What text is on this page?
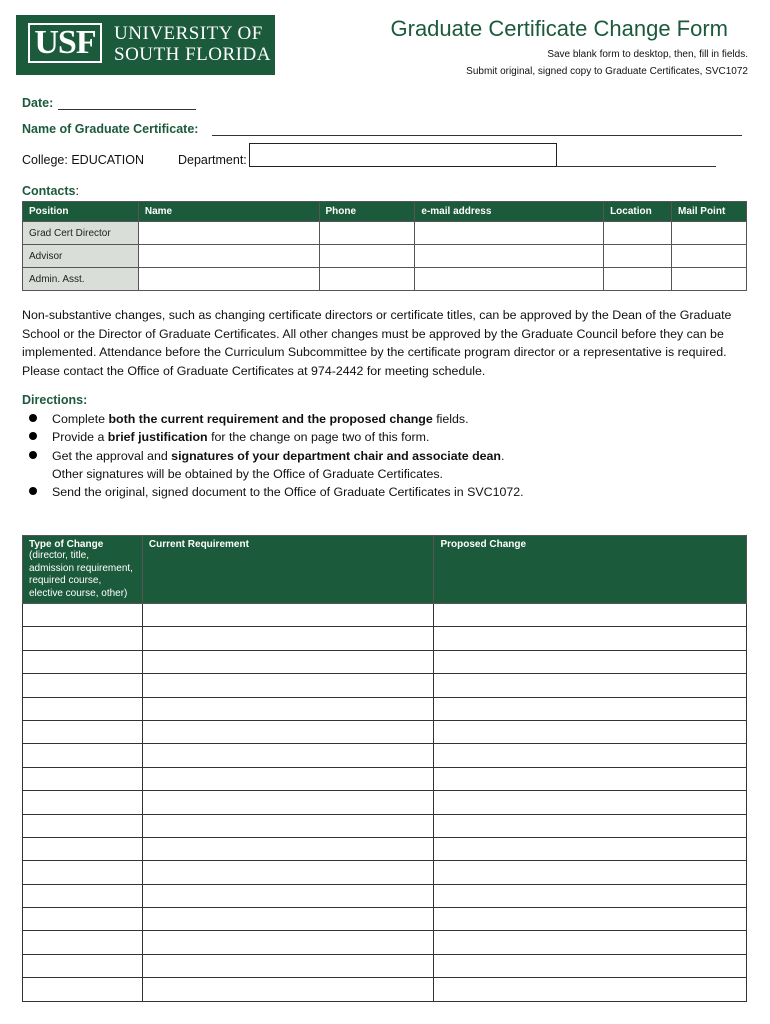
USF UNIVERSITY OF
SOUTH FLORIDA
Graduate Certificate Change Form
Save blank form to desktop, then, fill in fields.
Submit original, signed copy to Graduate Certificates, SVC1072
Date:
Name of Graduate Certificate:
College: EDUCATION	Department:
Contacts:
Position	Name	Phone	e-mail address	Location	Mail Point
Grad Cert Director					
Advisor					
Admin. Asst.					
Non-substantive changes, such as changing certificate directors or certificate titles, can be approved by the Dean of the Graduate School or the Director of Graduate Certificates. All other changes must be approved by the Graduate Council before they can be implemented. Attendance before the Curriculum Subcommittee by the certificate program director or a representative is required. Please contact the Office of Graduate Certificates at 974-2442 for meeting schedule.
Directions:
Complete both the current requirement and the proposed change fields.
Provide a brief justification for the change on page two of this form.
Get the approval and signatures of your department chair and associate dean.
Other signatures will be obtained by the Office of Graduate Certificates.
Send the original, signed document to the Office of Graduate Certificates in SVC1072.
Type of Change
(director, title,
admission requirement,
required course,
elective course, other)	Current Requirement	Proposed Change
